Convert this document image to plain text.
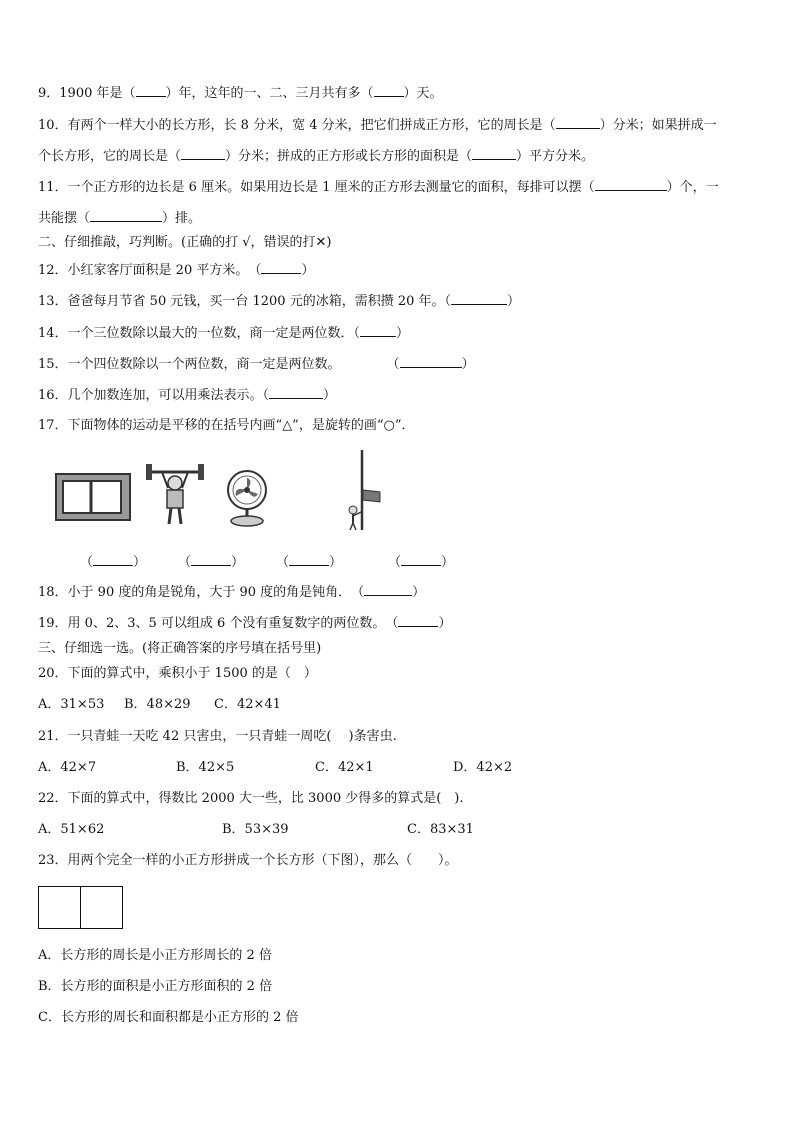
9．1900 年是（ ）年，这年的一、二、三月共有多（ ）天。
10．有两个一样大小的长方形，长 8 分米，宽 4 分米，把它们拼成正方形，它的周长是（	）分米；如果拼成一
个长方形，它的周长是（	）分米；拼成的正方形或长方形的面积是（	）平方分米。
11．一个正方形的边长是 6 厘米。如果用边长是 1 厘米的正方形去测量它的面积，每排可以摆（	）个，一
共能摆（	）排。
二、仔细推敲，巧判断。(正确的打 √，错误的打✕)
12．小红家客厅面积是 20 平方米。　（	）
13．爸爸每月节省 50 元钱，买一台 1200 元的冰箱，需积攒 20 年。（	）
14．一个三位数除以最大的一位数，商一定是两位数．（	）
15．一个四位数除以一个两位数，商一定是两位数。	（	）
16．几个加数连加，可以用乘法表示。（	）
17．下面物体的运动是平移的在括号内画“△”，是旋转的画“○”．
（	） （	） （	）	（	）
18．小于 90 度的角是锐角，大于 90 度的角是钝角．　（	）
19．用 0、2、3、5 可以组成 6 个没有重复数字的两位数。　（	）
三、仔细选一选。(将正确答案的序号填在括号里)
20．下面的算式中，乘积小于 1500 的是（　）
A．31×53 B．48×29 C．42×41
21．一只青蛙一天吃 42 只害虫，一只青蛙一周吃(　 )条害虫.
A．42×7	B．42×5	C．42×1	D．42×2
22．下面的算式中，得数比 2000 大一些，比 3000 少得多的算式是(　).
A．51×62	B．53×39	C．83×31
23．用两个完全一样的小正方形拼成一个长方形（下图），那么（　　）。
A．长方形的周长是小正方形周长的 2 倍
B．长方形的面积是小正方形面积的 2 倍
C．长方形的周长和面积都是小正方形的 2 倍
